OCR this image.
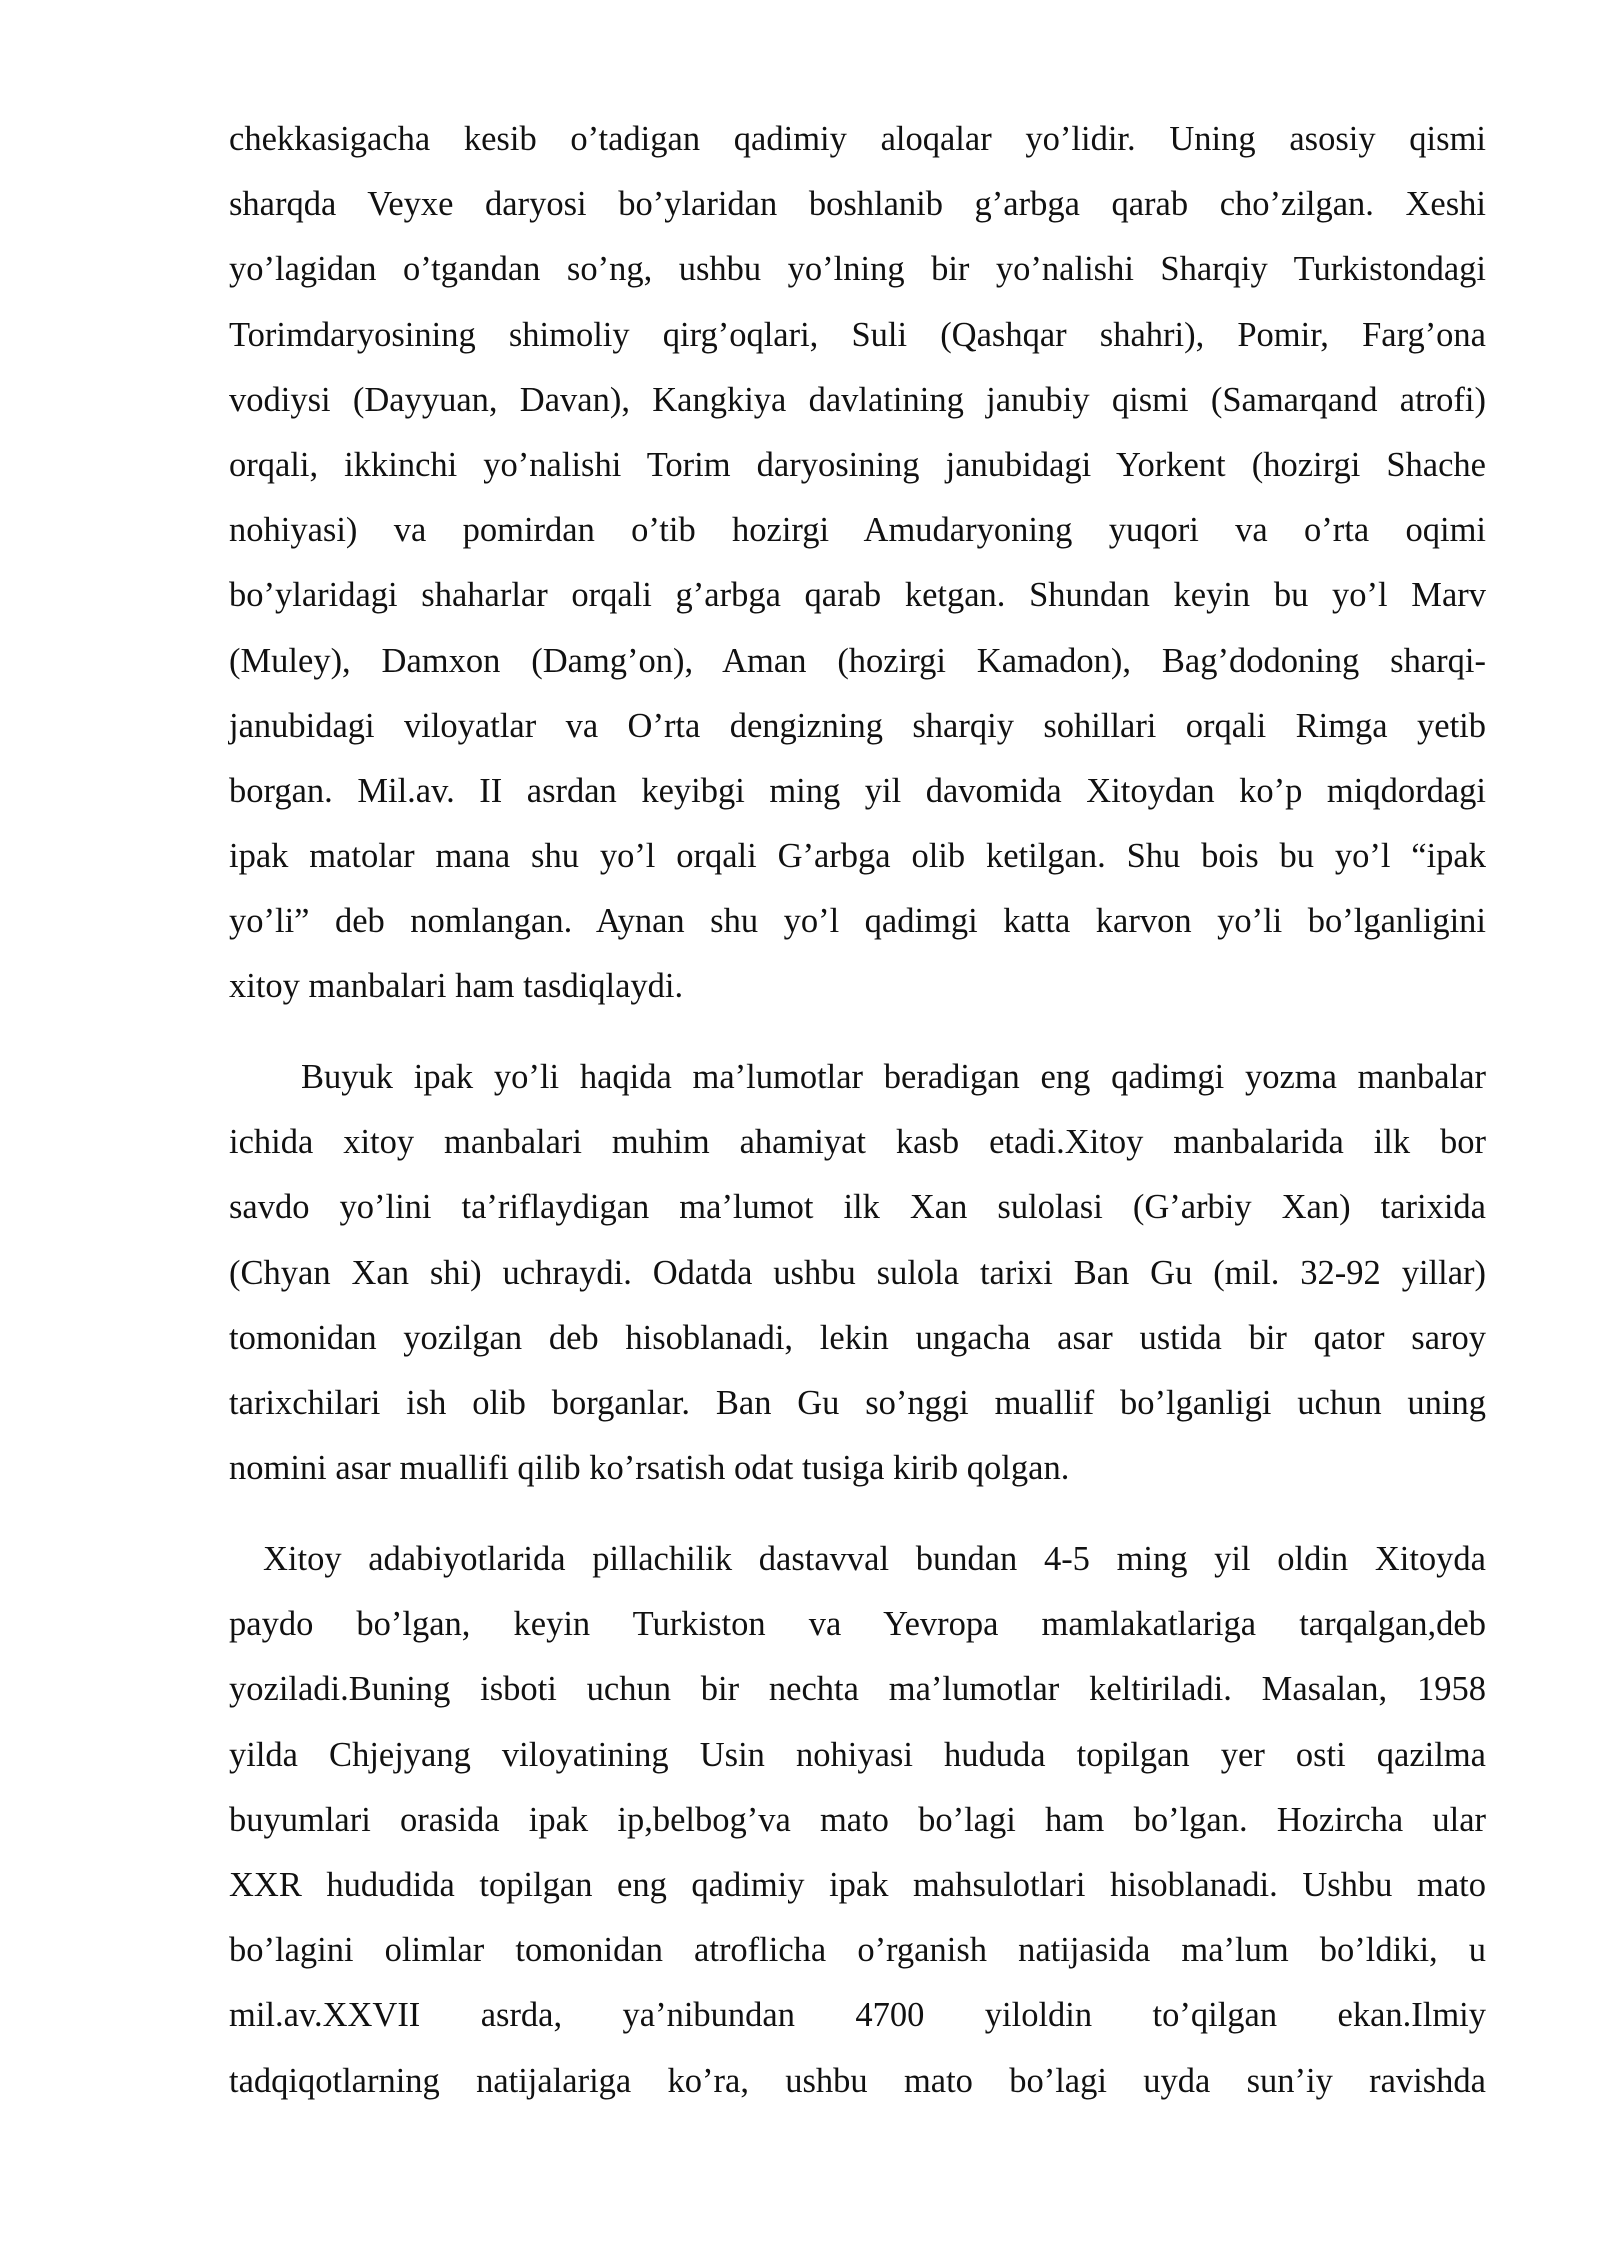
chekkasigacha kesib o’tadigan qadimiy aloqalar yo’lidir. Uning asosiy qismi
sharqda Veyxe daryosi bo’ylaridan boshlanib g’arbga qarab cho’zilgan. Xeshi
yo’lagidan o’tgandan so’ng, ushbu yo’lning bir yo’nalishi Sharqiy Turkistondagi
Torimdaryosining shimoliy qirg’oqlari, Suli (Qashqar shahri), Pomir, Farg’ona
vodiysi (Dayyuan, Davan), Kangkiya davlatining janubiy qismi (Samarqand atrofi)
orqali, ikkinchi yo’nalishi Torim daryosining janubidagi Yorkent (hozirgi Shache
nohiyasi) va pomirdan o’tib hozirgi Amudaryoning yuqori va o’rta oqimi
bo’ylaridagi shaharlar orqali g’arbga qarab ketgan. Shundan keyin bu yo’l Marv
(Muley), Damxon (Damg’on), Aman (hozirgi Kamadon), Bag’dodoning sharqi-
janubidagi viloyatlar va O’rta dengizning sharqiy sohillari orqali Rimga yetib
borgan. Mil.av. II asrdan keyibgi ming yil davomida Xitoydan ko’p miqdordagi
ipak matolar mana shu yo’l orqali G’arbga olib ketilgan. Shu bois bu yo’l “ipak
yo’li” deb nomlangan. Aynan shu yo’l qadimgi katta karvon yo’li bo’lganligini
xitoy manbalari ham tasdiqlaydi.
Buyuk ipak yo’li haqida ma’lumotlar beradigan eng qadimgi yozma manbalar
ichida xitoy manbalari muhim ahamiyat kasb etadi.Xitoy manbalarida ilk bor
savdo yo’lini ta’riflaydigan ma’lumot ilk Xan sulolasi (G’arbiy Xan) tarixida
(Chyan Xan shi) uchraydi. Odatda ushbu sulola tarixi Ban Gu (mil. 32-92 yillar)
tomonidan yozilgan deb hisoblanadi, lekin ungacha asar ustida bir qator saroy
tarixchilari ish olib borganlar. Ban Gu so’nggi muallif bo’lganligi uchun uning
nomini asar muallifi qilib ko’rsatish odat tusiga kirib qolgan.
Xitoy adabiyotlarida pillachilik dastavval bundan 4-5 ming yil oldin Xitoyda
paydo bo’lgan, keyin Turkiston va Yevropa mamlakatlariga tarqalgan,deb
yoziladi.Buning isboti uchun bir nechta ma’lumotlar keltiriladi. Masalan, 1958
yilda Chjejyang viloyatining Usin nohiyasi hududa topilgan yer osti qazilma
buyumlari orasida ipak ip,belbog’va mato bo’lagi ham bo’lgan. Hozircha ular
XXR hududida topilgan eng qadimiy ipak mahsulotlari hisoblanadi. Ushbu mato
bo’lagini olimlar tomonidan atroflicha o’rganish natijasida ma’lum bo’ldiki, u
mil.av.XXVII asrda, ya’nibundan 4700 yiloldin to’qilgan ekan.Ilmiy
tadqiqotlarning natijalariga ko’ra, ushbu mato bo’lagi uyda sun’iy ravishda
